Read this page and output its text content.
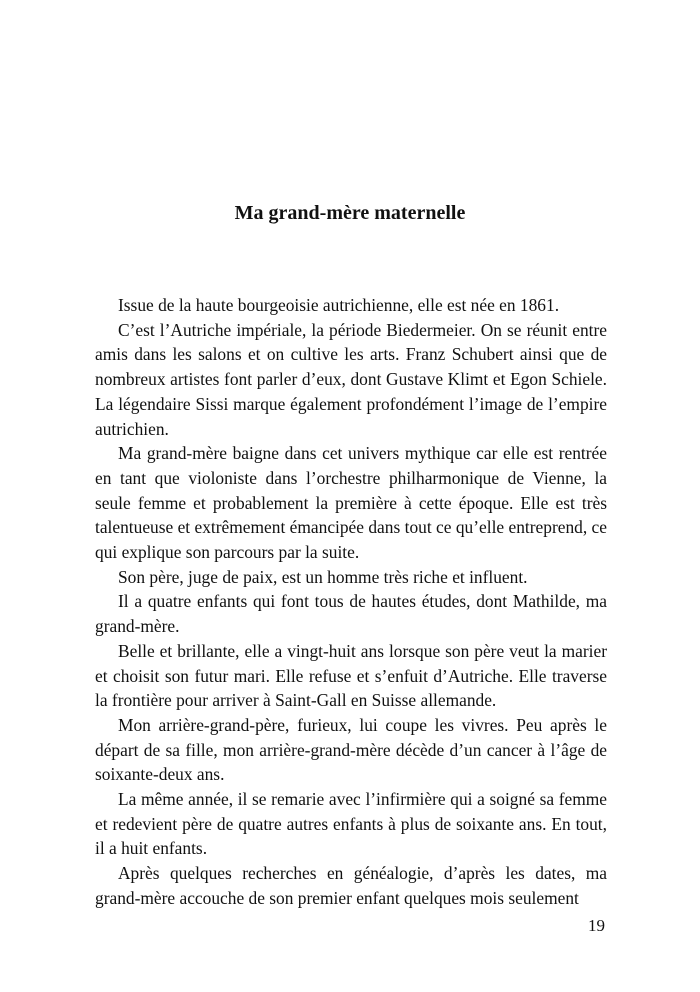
Ma grand-mère maternelle

Issue de la haute bourgeoisie autrichienne, elle est née en 1861.

C’est l’Autriche impériale, la période Biedermeier. On se réunit entre amis dans les salons et on cultive les arts. Franz Schubert ainsi que de nombreux artistes font parler d’eux, dont Gustave Klimt et Egon Schiele. La légendaire Sissi marque également profondément l’image de l’empire autrichien.

Ma grand-mère baigne dans cet univers mythique car elle est rentrée en tant que violoniste dans l’orchestre philharmonique de Vienne, la seule femme et probablement la première à cette époque. Elle est très talentueuse et extrêmement émancipée dans tout ce qu’elle entreprend, ce qui explique son parcours par la suite.

Son père, juge de paix, est un homme très riche et influent.

Il a quatre enfants qui font tous de hautes études, dont Mathilde, ma grand-mère.

Belle et brillante, elle a vingt-huit ans lorsque son père veut la marier et choisit son futur mari. Elle refuse et s’enfuit d’Autriche. Elle traverse la frontière pour arriver à Saint-Gall en Suisse allemande.

Mon arrière-grand-père, furieux, lui coupe les vivres. Peu après le départ de sa fille, mon arrière-grand-mère décède d’un cancer à l’âge de soixante-deux ans.

La même année, il se remarie avec l’infirmière qui a soigné sa femme et redevient père de quatre autres enfants à plus de soixante ans. En tout, il a huit enfants.

Après quelques recherches en généalogie, d’après les dates, ma grand-mère accouche de son premier enfant quelques mois seulement

19
